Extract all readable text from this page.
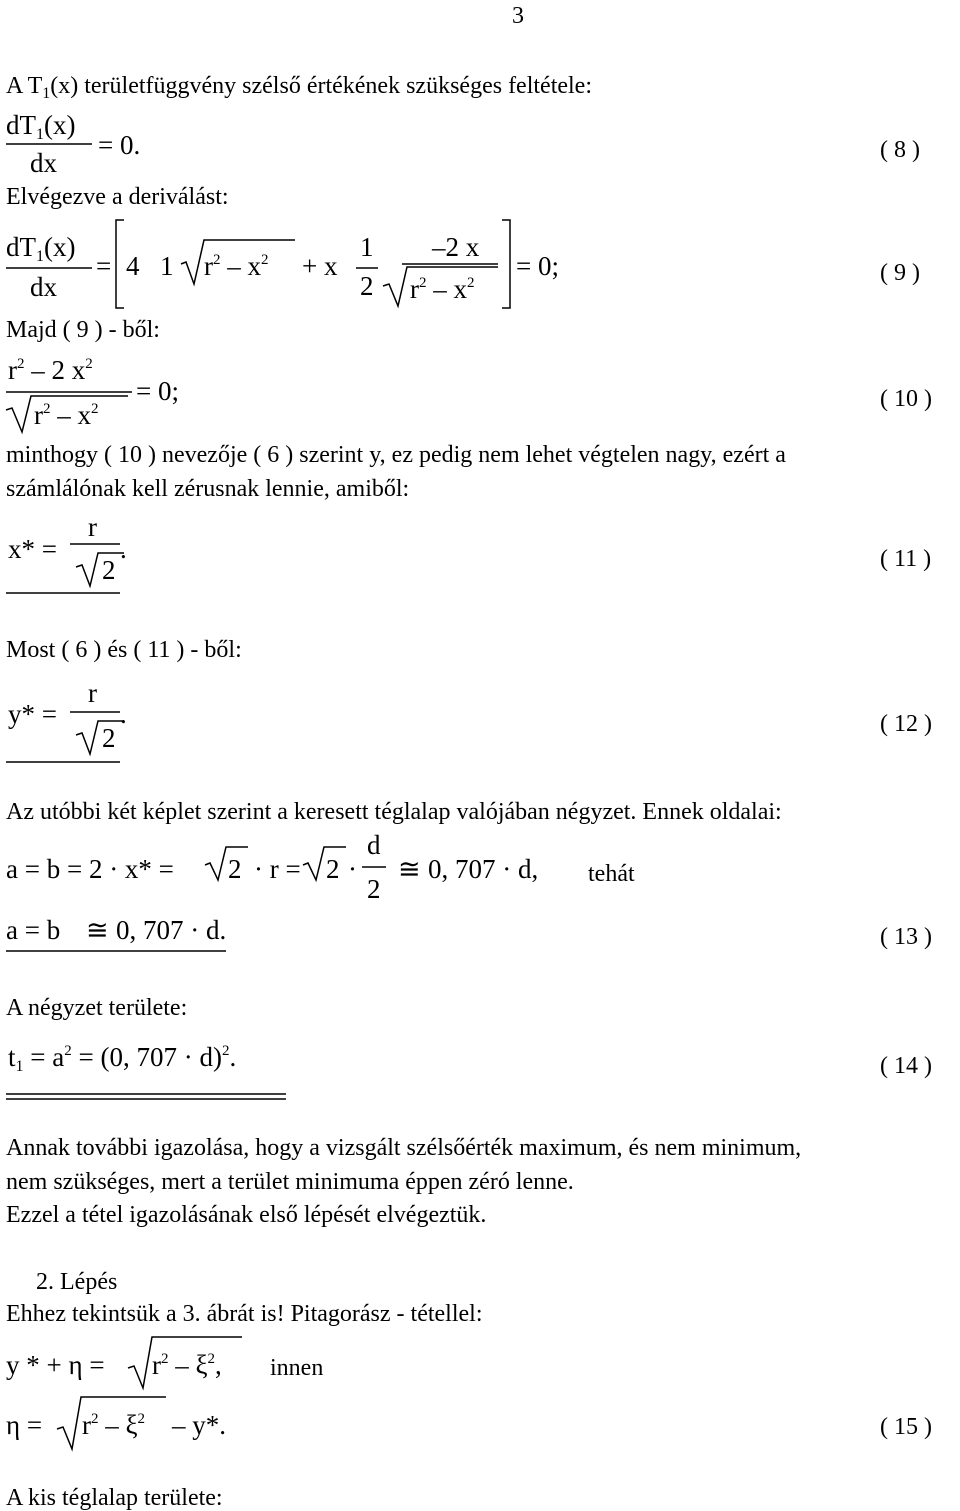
3
A $T_1(x)$ területfüggvény szélső értékének szükséges feltétele:
dT1(x)
dx
= 0.	( 8 )
Elvégezve a deriválást:
dT1(x)
dx
= 4 1 $r^2 - x^2 + x$
1
2
–2 x
$r^2 - x^2$
= 0;	( 9 )
Majd ( 9 ) - ből:
$r^2 - 2$ $x^2$
$r^2 - x^2$
= 0;	( 10 )
minthogy ( 10 ) nevezője ( 6 ) szerint y, ez pedig nem lehet végtelen nagy, ezért a
számlálónak kell zérusnak lennie, amiből:
x* =
r
2
.	( 11 )
Most ( 6 ) és ( 11 ) - ből:
y* =
r
2
.	( 12 )
Az utóbbi két képlet szerint a keresett téglalap valójában négyzet. Ennek oldalai:
a = b = 2 · x* = 2 · r = 2 ·
d
2
≅ 0, 707 · d, tehát
a = b ≅ 0, 707 · d.	( 13 )
A négyzet területe:
$t1 = a^2 = (0$, 707 · d)$^2$.	( 14 )
Annak további igazolása, hogy a vizsgált szélsőérték maximum, és nem minimum,
nem szükséges, mert a terület minimuma éppen zéró lenne.
Ezzel a tétel igazolásának első lépését elvégeztük.
2. Lépés
Ehhez tekintsük a 3. ábrát is! Pitagorász - tétellel:
y * + $\eta = r^2 - \xi^2$, innen
$\eta = r^2 - \xi^2 - y*$.	( 15 )
A kis téglalap területe:
